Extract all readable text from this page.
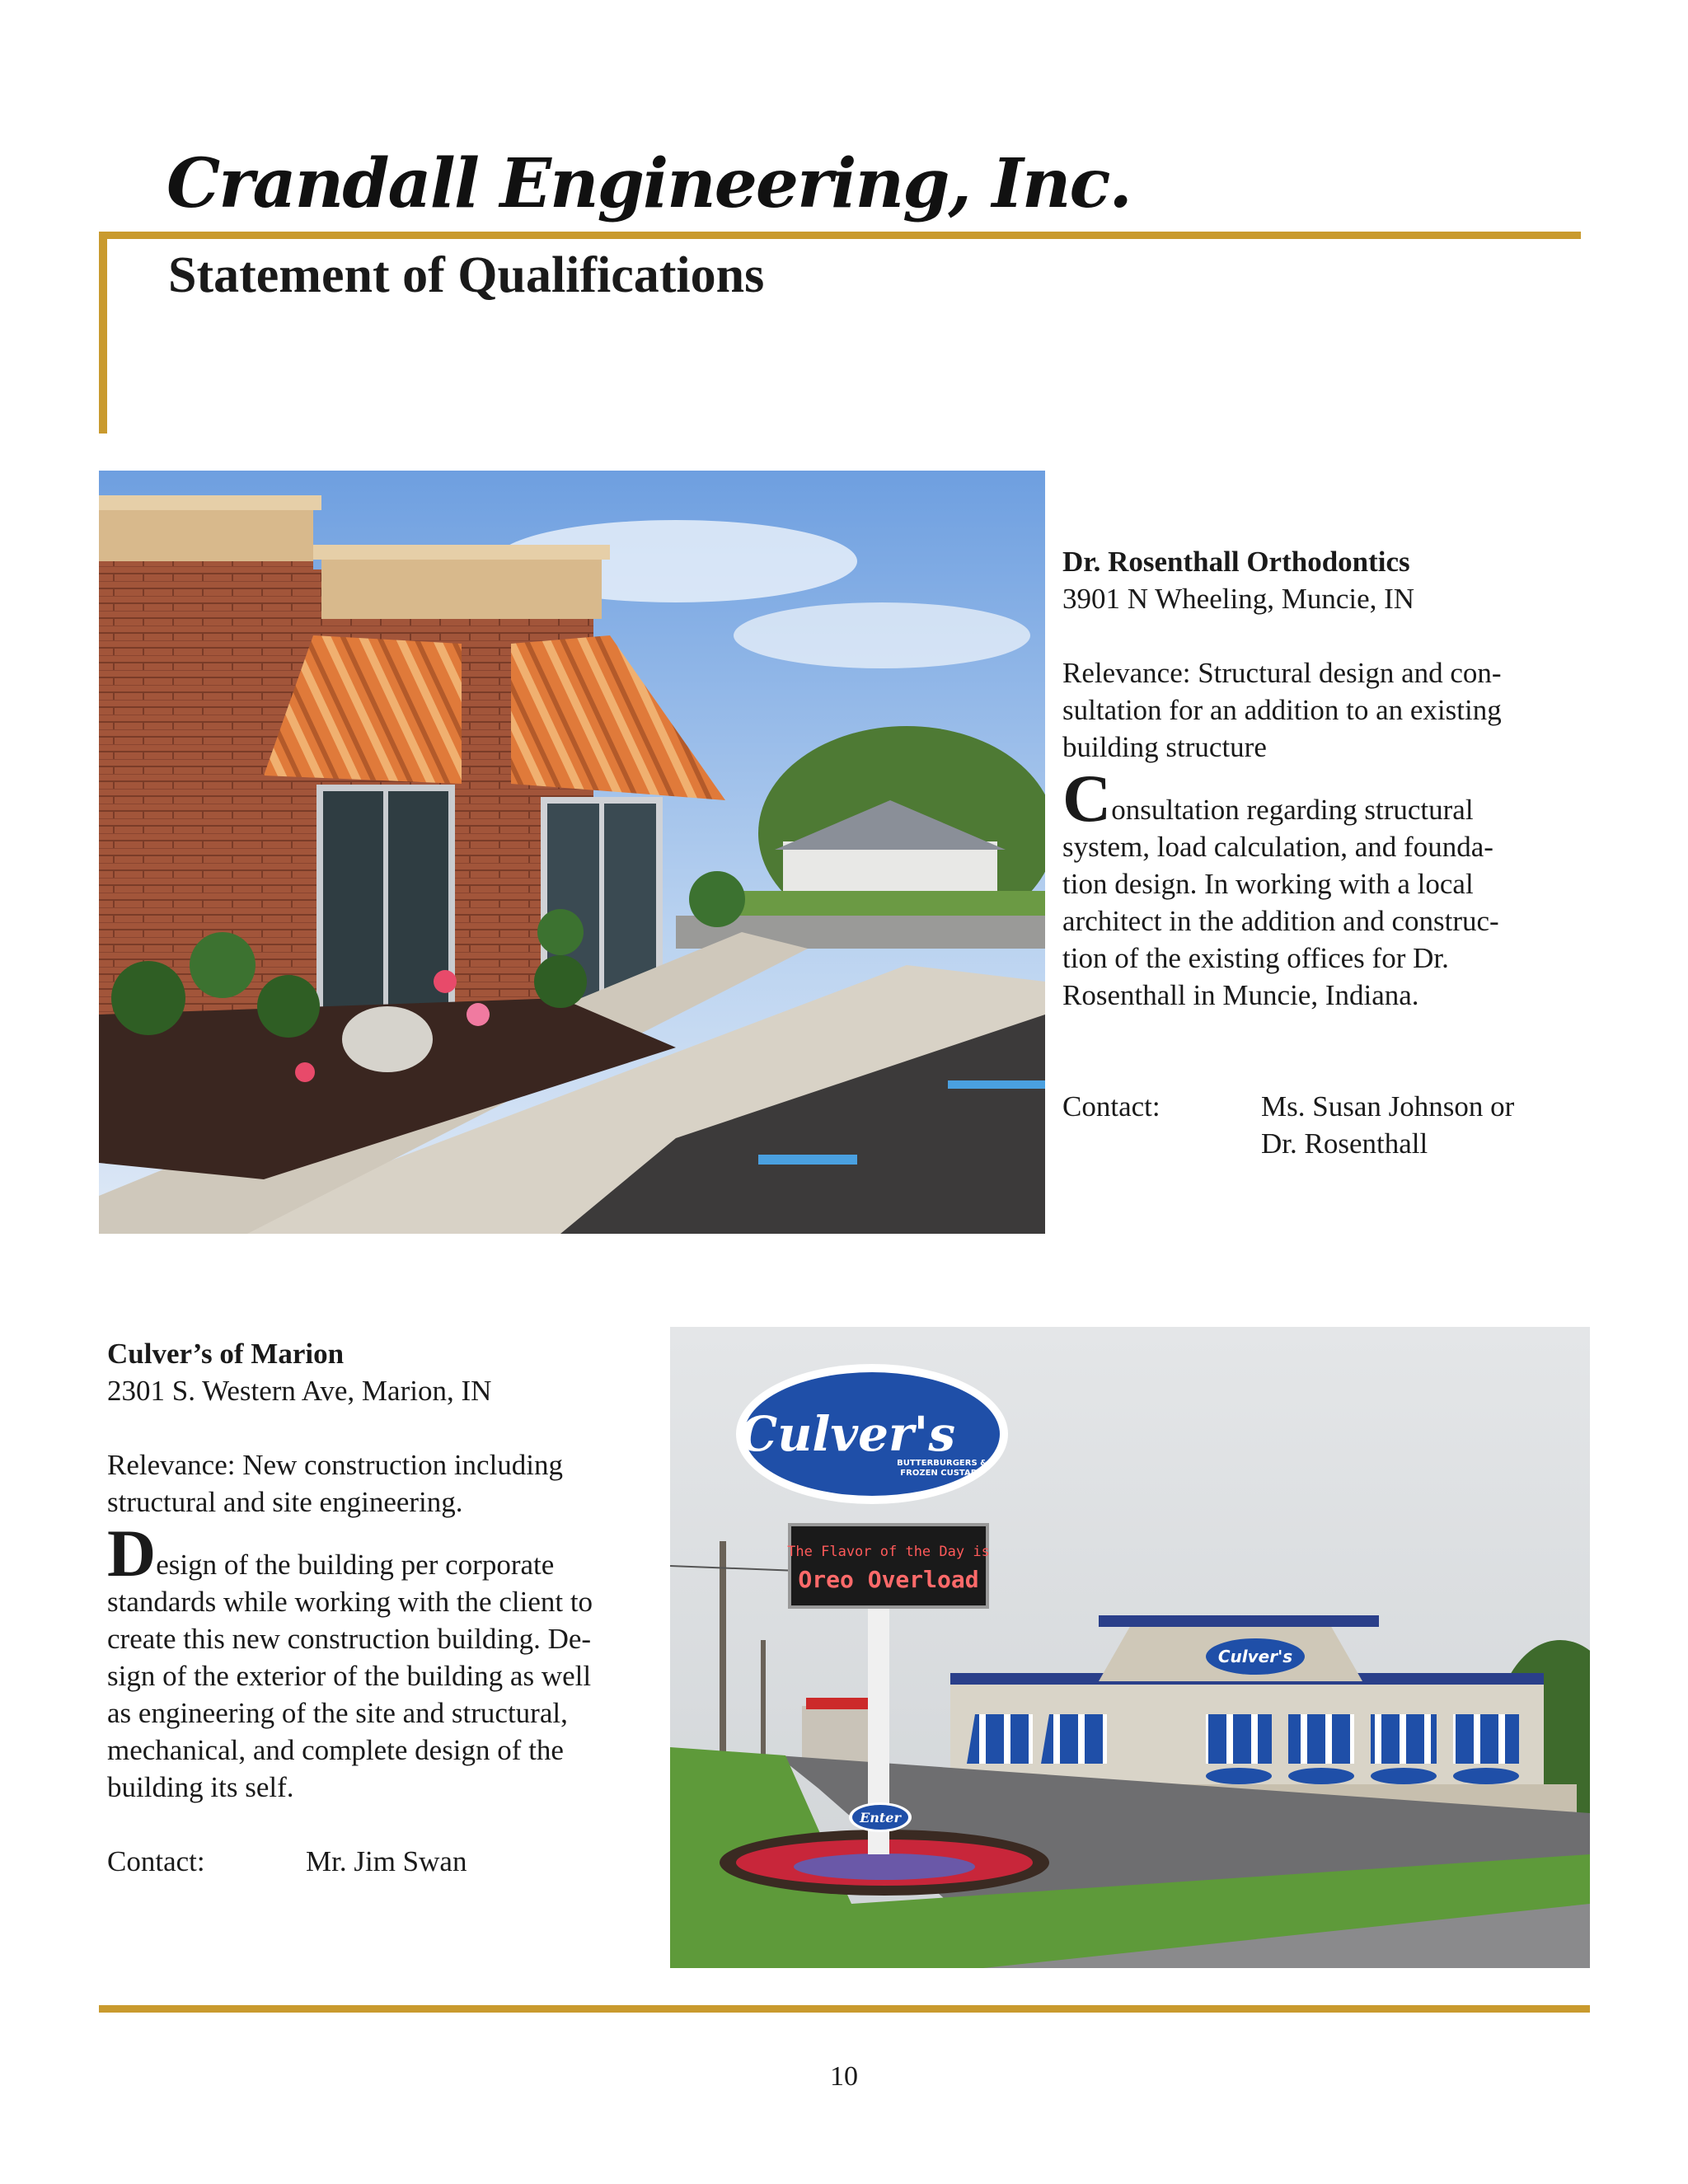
Crandall Engineering, Inc.
Statement of Qualifications

Dr. Rosenthall Orthodontics

3901 N Wheeling, Muncie, IN

Relevance: Structural design and con-

sultation for an addition to an existing

building structure

Consultation regarding structural

system, load calculation, and founda-

tion design. In working with a local

architect in the addition and construc-

tion of the existing offices for Dr.

Rosenthall in Muncie, Indiana.

Contact:	Ms. Susan Johnson or
Dr. Rosenthall

Culver’s of Marion

2301 S. Western Ave, Marion, IN

Relevance: New construction including

structural and site engineering.

Design of the building per corporate

standards while working with the client to

create this new construction building. De-

sign of the exterior of the building as well

as engineering of the site and structural,

mechanical, and complete design of the

building its self.

Contact:	Mr. Jim Swan
Culver's
Culver's
BUTTERBURGERS &
FROZEN CUSTARD
The Flavor of the Day is
Oreo Overload
Enter
10
